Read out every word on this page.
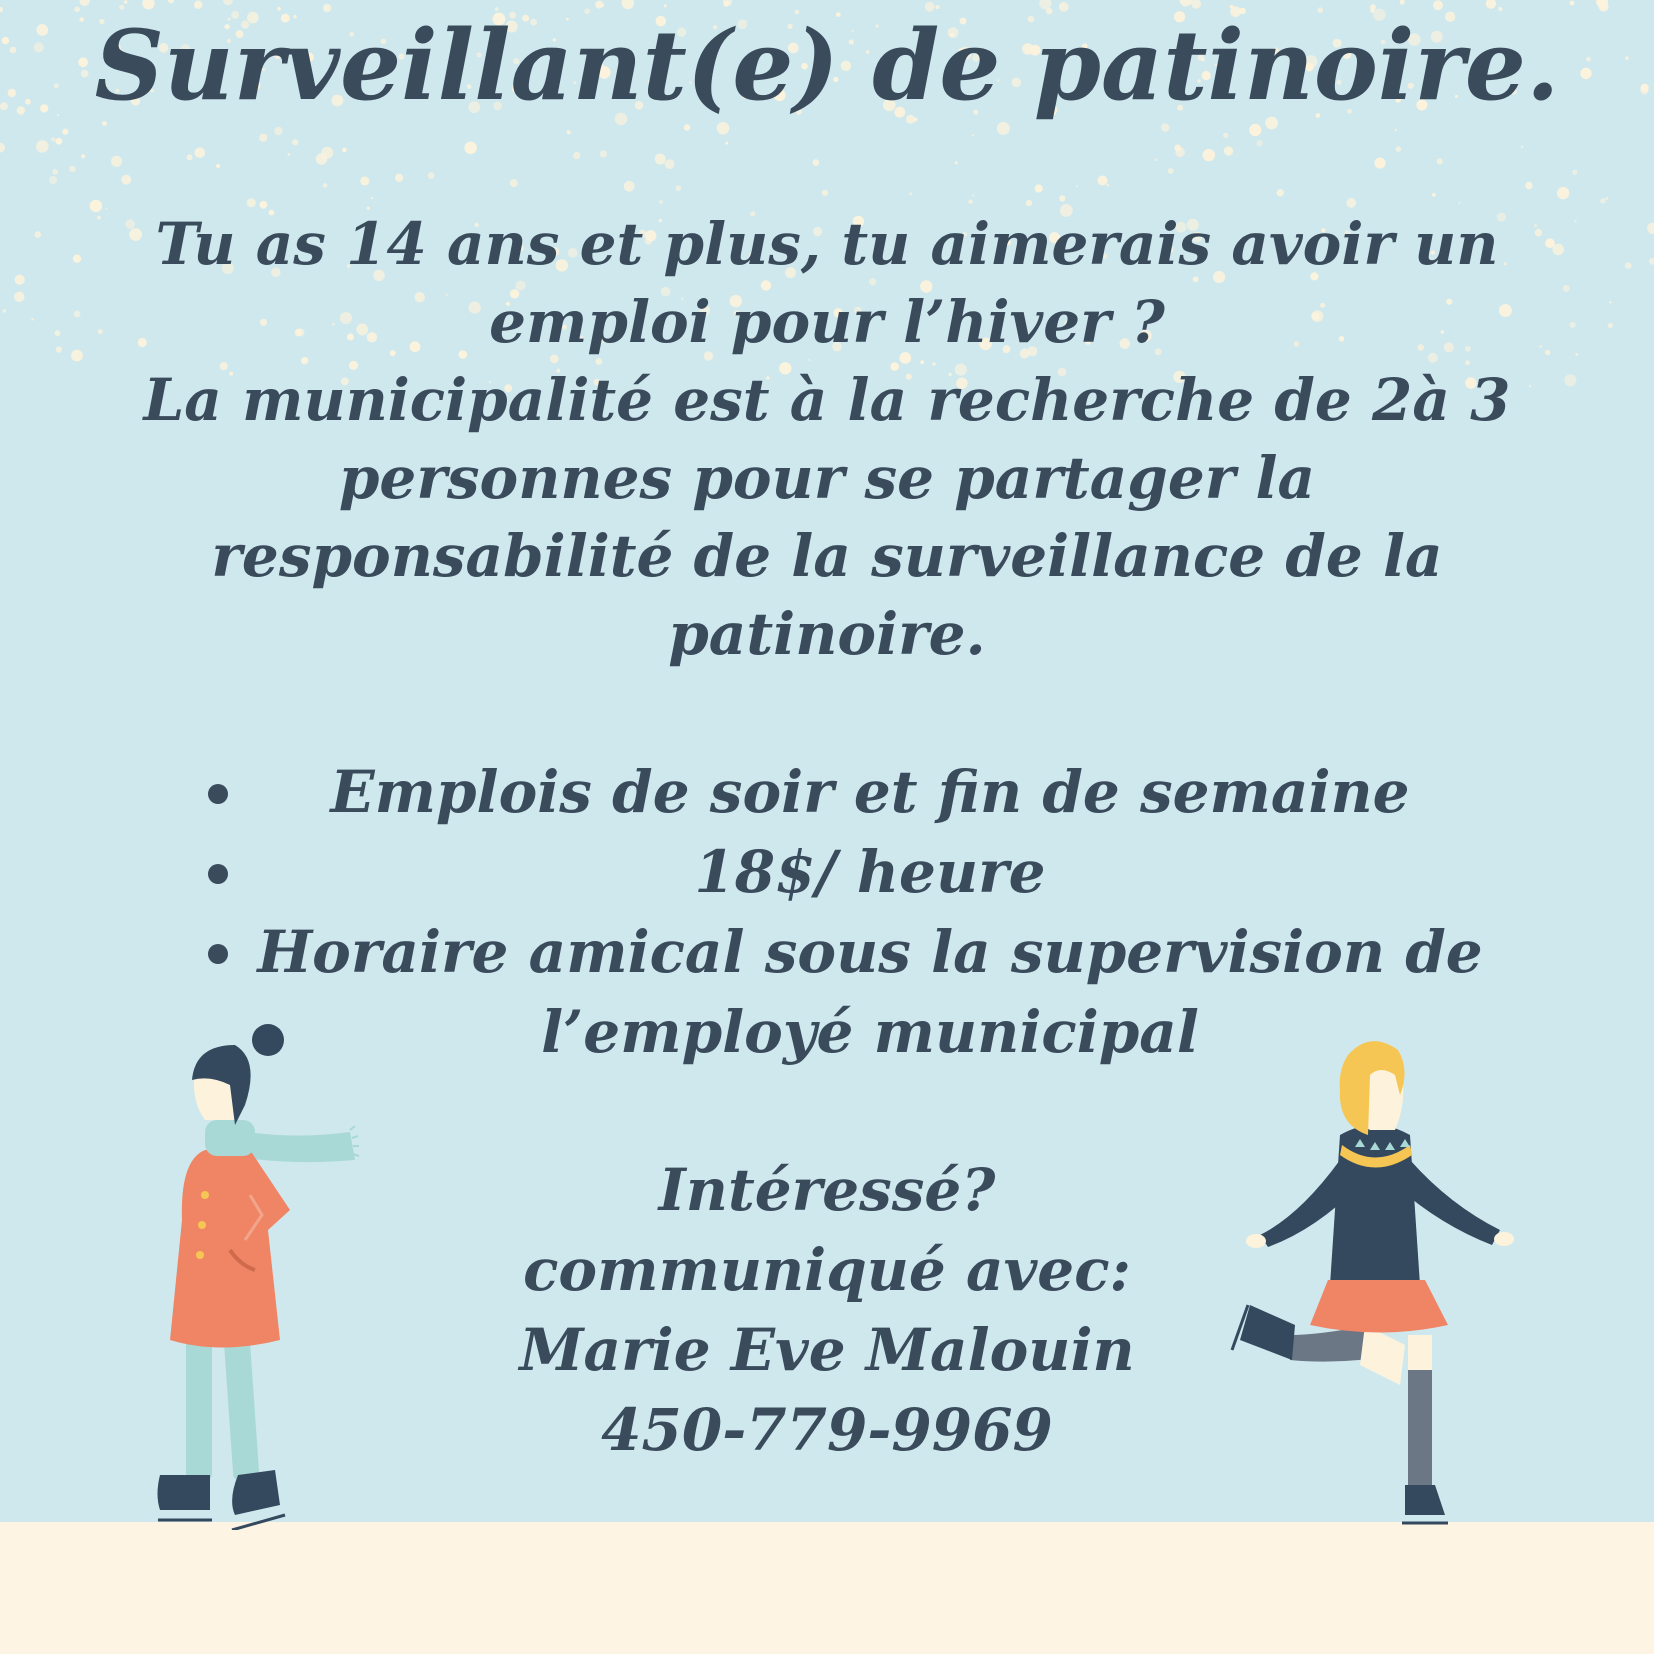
Surveillant(e) de patinoire.

Tu as 14 ans et plus, tu aimerais avoir un
emploi pour l’hiver ?
La municipalité est à la recherche de 2à 3
personnes pour se partager la
responsabilité de la surveillance de la
patinoire.

Emplois de soir et fin de semaine
18$/ heure
Horaire amical sous la supervision de l’employé municipal

Intéressé?
communiqué avec:
Marie Eve Malouin
450-779-9969
